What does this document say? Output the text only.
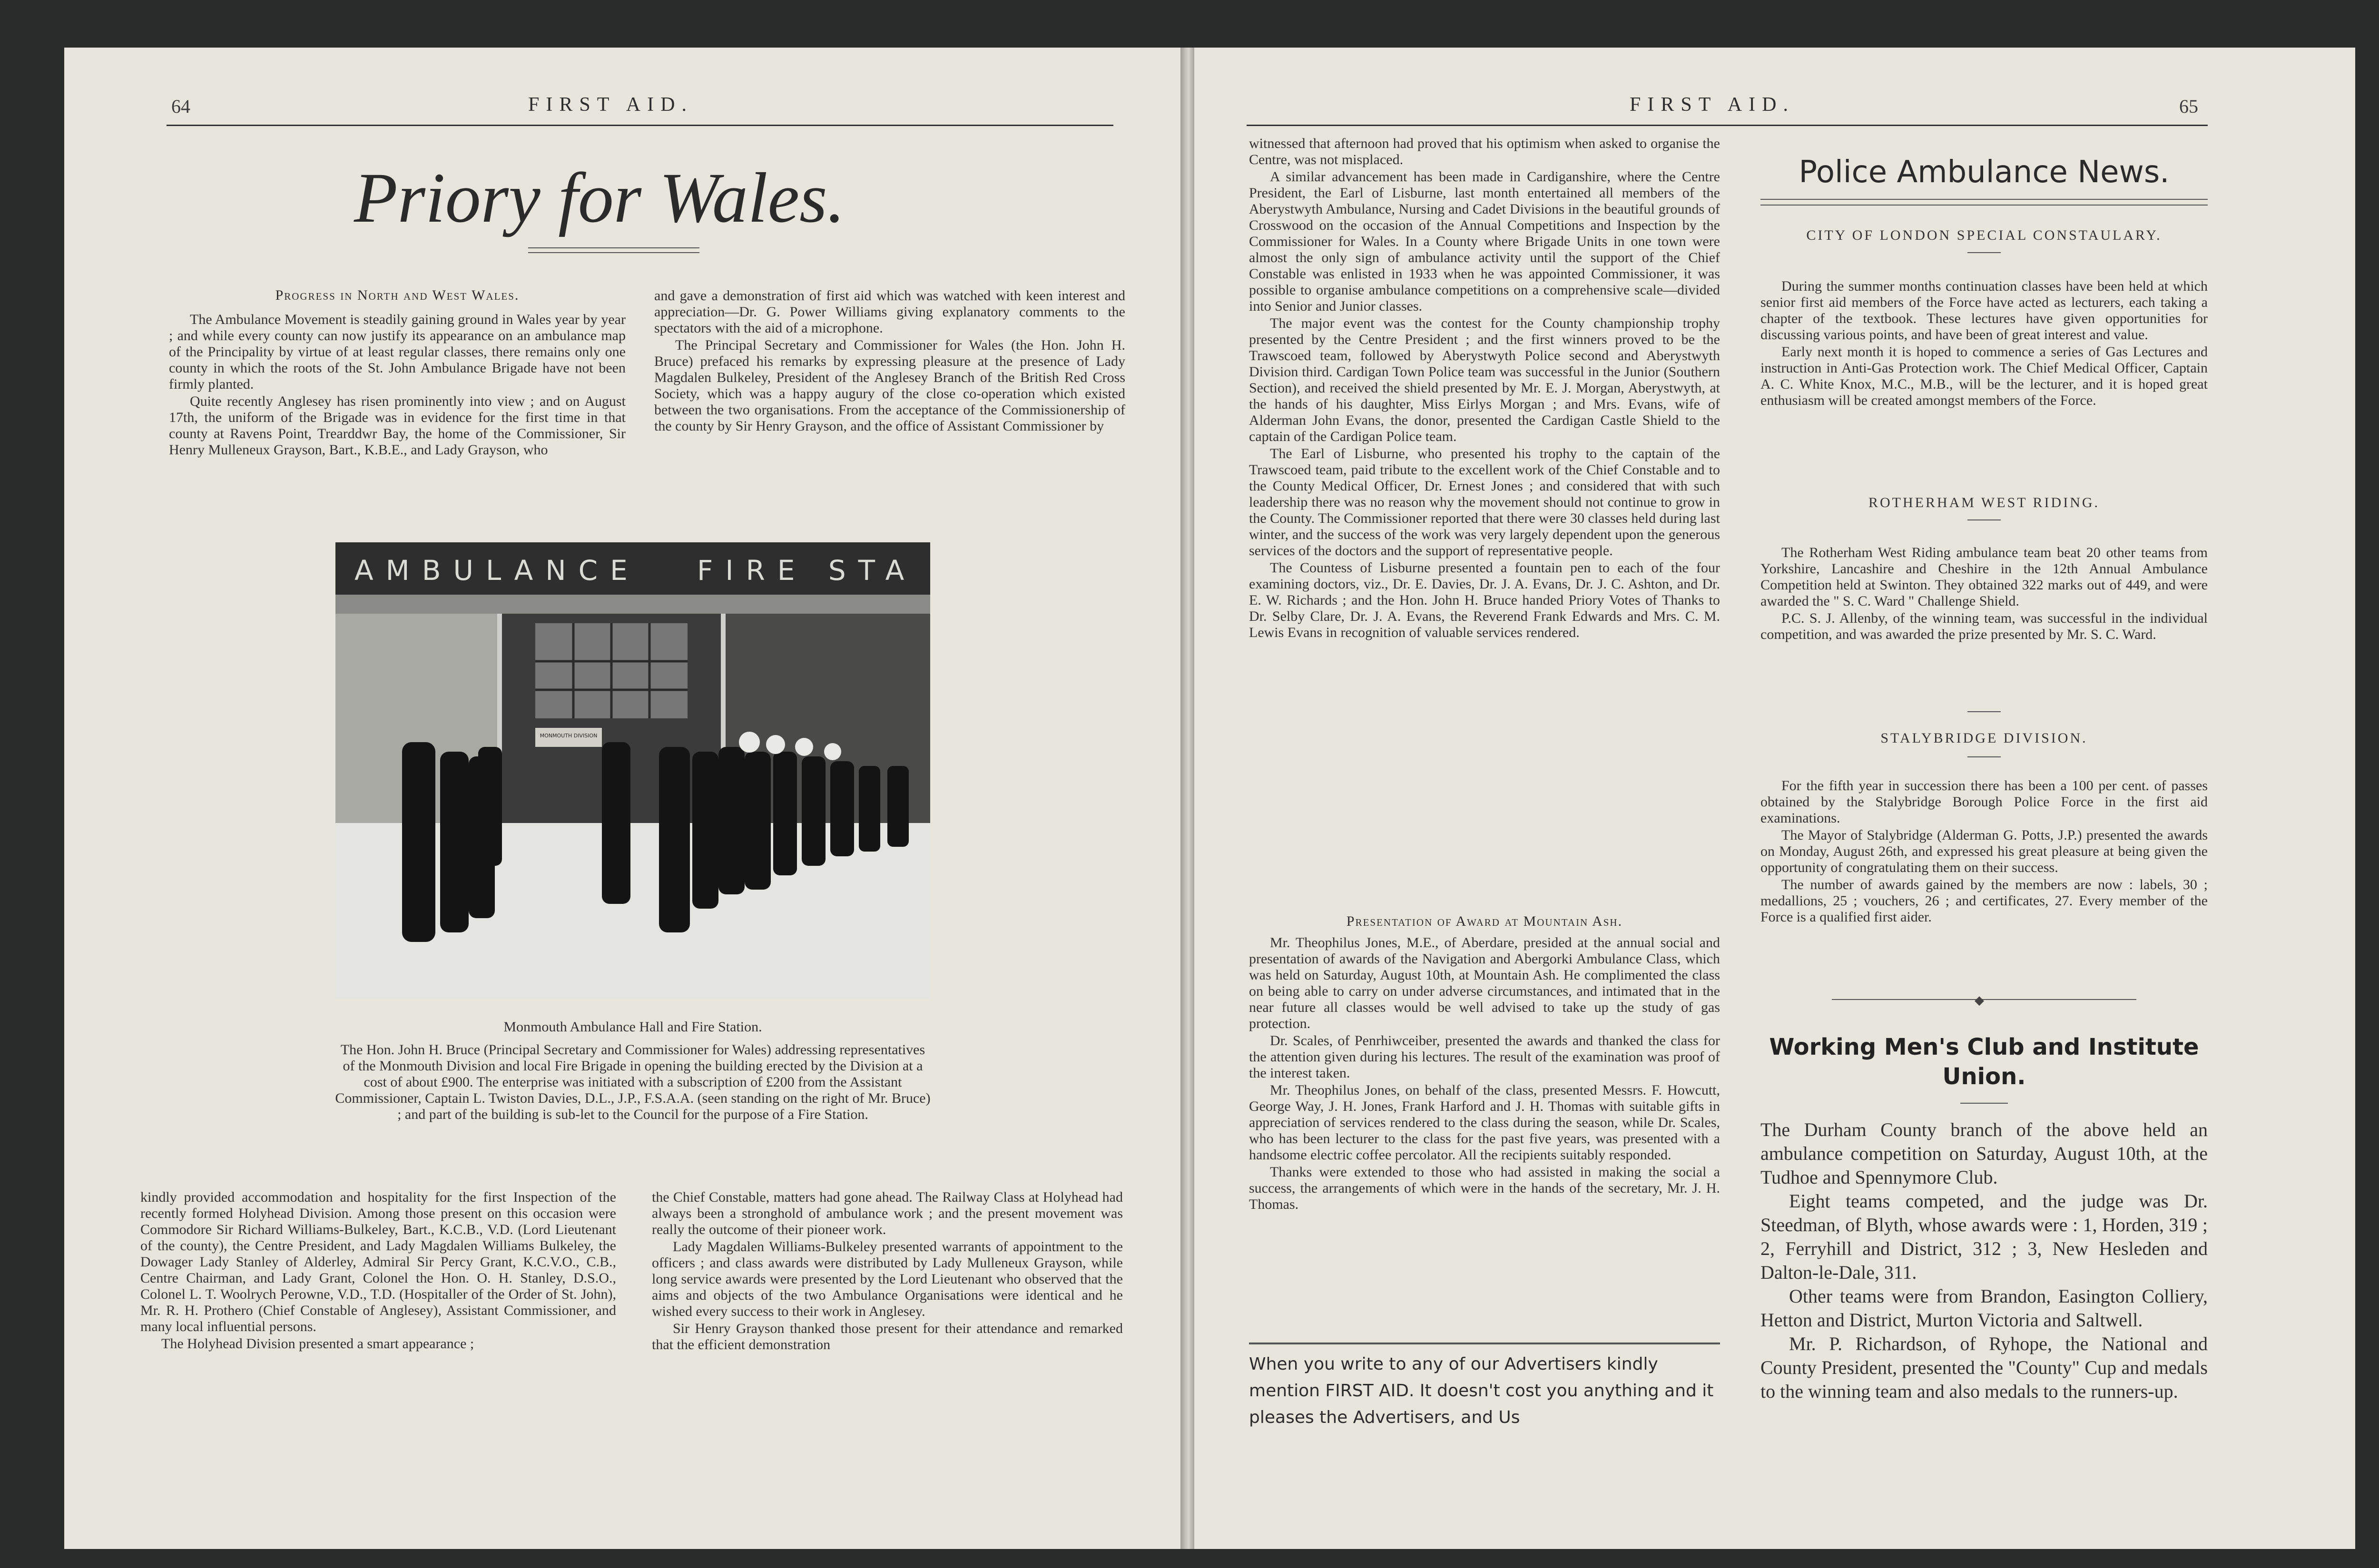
64	FIRST AID.
Priory for Wales.
Progress in North and West Wales.

The Ambulance Movement is steadily gaining ground in Wales year by year ; and while every county can now justify its appearance on an ambulance map of the Principality by virtue of at least regular classes, there remains only one county in which the roots of the St. John Ambulance Brigade have not been firmly planted.

Quite recently Anglesey has risen prominently into view ; and on August 17th, the uniform of the Brigade was in evidence for the first time in that county at Ravens Point, Trearddwr Bay, the home of the Commissioner, Sir Henry Mulleneux Grayson, Bart., K.B.E., and Lady Grayson, who

and gave a demonstration of first aid which was watched with keen interest and appreciation—Dr. G. Power Williams giving explanatory comments to the spectators with the aid of a microphone.

The Principal Secretary and Commissioner for Wales (the Hon. John H. Bruce) prefaced his remarks by expressing pleasure at the presence of Lady Magdalen Bulkeley, President of the Anglesey Branch of the British Red Cross Society, which was a happy augury of the close co-operation which existed between the two organisations. From the acceptance of the Commissionership of the county by Sir Henry Grayson, and the office of Assistant Commissioner by

AMBULANCE FIRE STA
MONMOUTH DIVISION
Monmouth Ambulance Hall and Fire Station.
The Hon. John H. Bruce (Principal Secretary and Commissioner for Wales) addressing representatives of the Monmouth Division and local Fire Brigade in opening the building erected by the Division at a cost of about £900. The enterprise was initiated with a subscription of £200 from the Assistant Commissioner, Captain L. Twiston Davies, D.L., J.P., F.S.A.A. (seen standing on the right of Mr. Bruce) ; and part of the building is sub-let to the Council for the purpose of a Fire Station.

kindly provided accommodation and hospitality for the first Inspection of the recently formed Holyhead Division. Among those present on this occasion were Commodore Sir Richard Williams-Bulkeley, Bart., K.C.B., V.D. (Lord Lieutenant of the county), the Centre President, and Lady Magdalen Williams Bulkeley, the Dowager Lady Stanley of Alderley, Admiral Sir Percy Grant, K.C.V.O., C.B., Centre Chairman, and Lady Grant, Colonel the Hon. O. H. Stanley, D.S.O., Colonel L. T. Woolrych Perowne, V.D., T.D. (Hospitaller of the Order of St. John), Mr. R. H. Prothero (Chief Constable of Anglesey), Assistant Commissioner, and many local influential persons.

The Holyhead Division presented a smart appearance ;

the Chief Constable, matters had gone ahead. The Railway Class at Holyhead had always been a stronghold of ambulance work ; and the present movement was really the outcome of their pioneer work.

Lady Magdalen Williams-Bulkeley presented warrants of appointment to the officers ; and class awards were distributed by Lady Mulleneux Grayson, while long service awards were presented by the Lord Lieutenant who observed that the aims and objects of the two Ambulance Organisations were identical and he wished every success to their work in Anglesey.

Sir Henry Grayson thanked those present for their attendance and remarked that the efficient demonstration

FIRST AID.	65

witnessed that afternoon had proved that his optimism when asked to organise the Centre, was not misplaced.

A similar advancement has been made in Cardiganshire, where the Centre President, the Earl of Lisburne, last month entertained all members of the Aberystwyth Ambulance, Nursing and Cadet Divisions in the beautiful grounds of Crosswood on the occasion of the Annual Competitions and Inspection by the Commissioner for Wales. In a County where Brigade Units in one town were almost the only sign of ambulance activity until the support of the Chief Constable was enlisted in 1933 when he was appointed Commissioner, it was possible to organise ambulance competitions on a comprehensive scale—divided into Senior and Junior classes.

The major event was the contest for the County championship trophy presented by the Centre President ; and the first winners proved to be the Trawscoed team, followed by Aberystwyth Police second and Aberystwyth Division third. Cardigan Town Police team was successful in the Junior (Southern Section), and received the shield presented by Mr. E. J. Morgan, Aberystwyth, at the hands of his daughter, Miss Eirlys Morgan ; and Mrs. Evans, wife of Alderman John Evans, the donor, presented the Cardigan Castle Shield to the captain of the Cardigan Police team.

The Earl of Lisburne, who presented his trophy to the captain of the Trawscoed team, paid tribute to the excellent work of the Chief Constable and to the County Medical Officer, Dr. Ernest Jones ; and considered that with such leadership there was no reason why the movement should not continue to grow in the County. The Commissioner reported that there were 30 classes held during last winter, and the success of the work was very largely dependent upon the generous services of the doctors and the support of representative people.

The Countess of Lisburne presented a fountain pen to each of the four examining doctors, viz., Dr. E. Davies, Dr. J. A. Evans, Dr. J. C. Ashton, and Dr. E. W. Richards ; and the Hon. John H. Bruce handed Priory Votes of Thanks to Dr. Selby Clare, Dr. J. A. Evans, the Reverend Frank Edwards and Mrs. C. M. Lewis Evans in recognition of valuable services rendered.

Presentation of Award at Mountain Ash.

Mr. Theophilus Jones, M.E., of Aberdare, presided at the annual social and presentation of awards of the Navigation and Abergorki Ambulance Class, which was held on Saturday, August 10th, at Mountain Ash. He complimented the class on being able to carry on under adverse circumstances, and intimated that in the near future all classes would be well advised to take up the study of gas protection.

Dr. Scales, of Penrhiwceiber, presented the awards and thanked the class for the attention given during his lectures. The result of the examination was proof of the interest taken.

Mr. Theophilus Jones, on behalf of the class, presented Messrs. F. Howcutt, George Way, J. H. Jones, Frank Harford and J. H. Thomas with suitable gifts in appreciation of services rendered to the class during the season, while Dr. Scales, who has been lecturer to the class for the past five years, was presented with a handsome electric coffee percolator. All the recipients suitably responded.

Thanks were extended to those who had assisted in making the social a success, the arrangements of which were in the hands of the secretary, Mr. J. H. Thomas.

When you write to any of our Advertisers kindly mention FIRST AID. It doesn't cost you anything and it pleases the Advertisers, and Us
Police Ambulance News.
CITY OF LONDON SPECIAL CONSTAULARY.

During the summer months continuation classes have been held at which senior first aid members of the Force have acted as lecturers, each taking a chapter of the textbook. These lectures have given opportunities for discussing various points, and have been of great interest and value.

Early next month it is hoped to commence a series of Gas Lectures and instruction in Anti-Gas Protection work. The Chief Medical Officer, Captain A. C. White Knox, M.C., M.B., will be the lecturer, and it is hoped great enthusiasm will be created amongst members of the Force.

ROTHERHAM WEST RIDING.

The Rotherham West Riding ambulance team beat 20 other teams from Yorkshire, Lancashire and Cheshire in the 12th Annual Ambulance Competition held at Swinton. They obtained 322 marks out of 449, and were awarded the " S. C. Ward " Challenge Shield.

P.C. S. J. Allenby, of the winning team, was successful in the individual competition, and was awarded the prize presented by Mr. S. C. Ward.

STALYBRIDGE DIVISION.

For the fifth year in succession there has been a 100 per cent. of passes obtained by the Stalybridge Borough Police Force in the first aid examinations.

The Mayor of Stalybridge (Alderman G. Potts, J.P.) presented the awards on Monday, August 26th, and expressed his great pleasure at being given the opportunity of congratulating them on their success.

The number of awards gained by the members are now : labels, 30 ; medallions, 25 ; vouchers, 26 ; and certificates, 27. Every member of the Force is a qualified first aider.

◆
Working Men's Club and Institute Union.

The Durham County branch of the above held an ambulance competition on Saturday, August 10th, at the Tudhoe and Spennymore Club.

Eight teams competed, and the judge was Dr. Steedman, of Blyth, whose awards were : 1, Horden, 319 ; 2, Ferryhill and District, 312 ; 3, New Hesleden and Dalton-le-Dale, 311.

Other teams were from Brandon, Easington Colliery, Hetton and District, Murton Victoria and Saltwell.

Mr. P. Richardson, of Ryhope, the National and County President, presented the "County" Cup and medals to the winning team and also medals to the runners-up.
